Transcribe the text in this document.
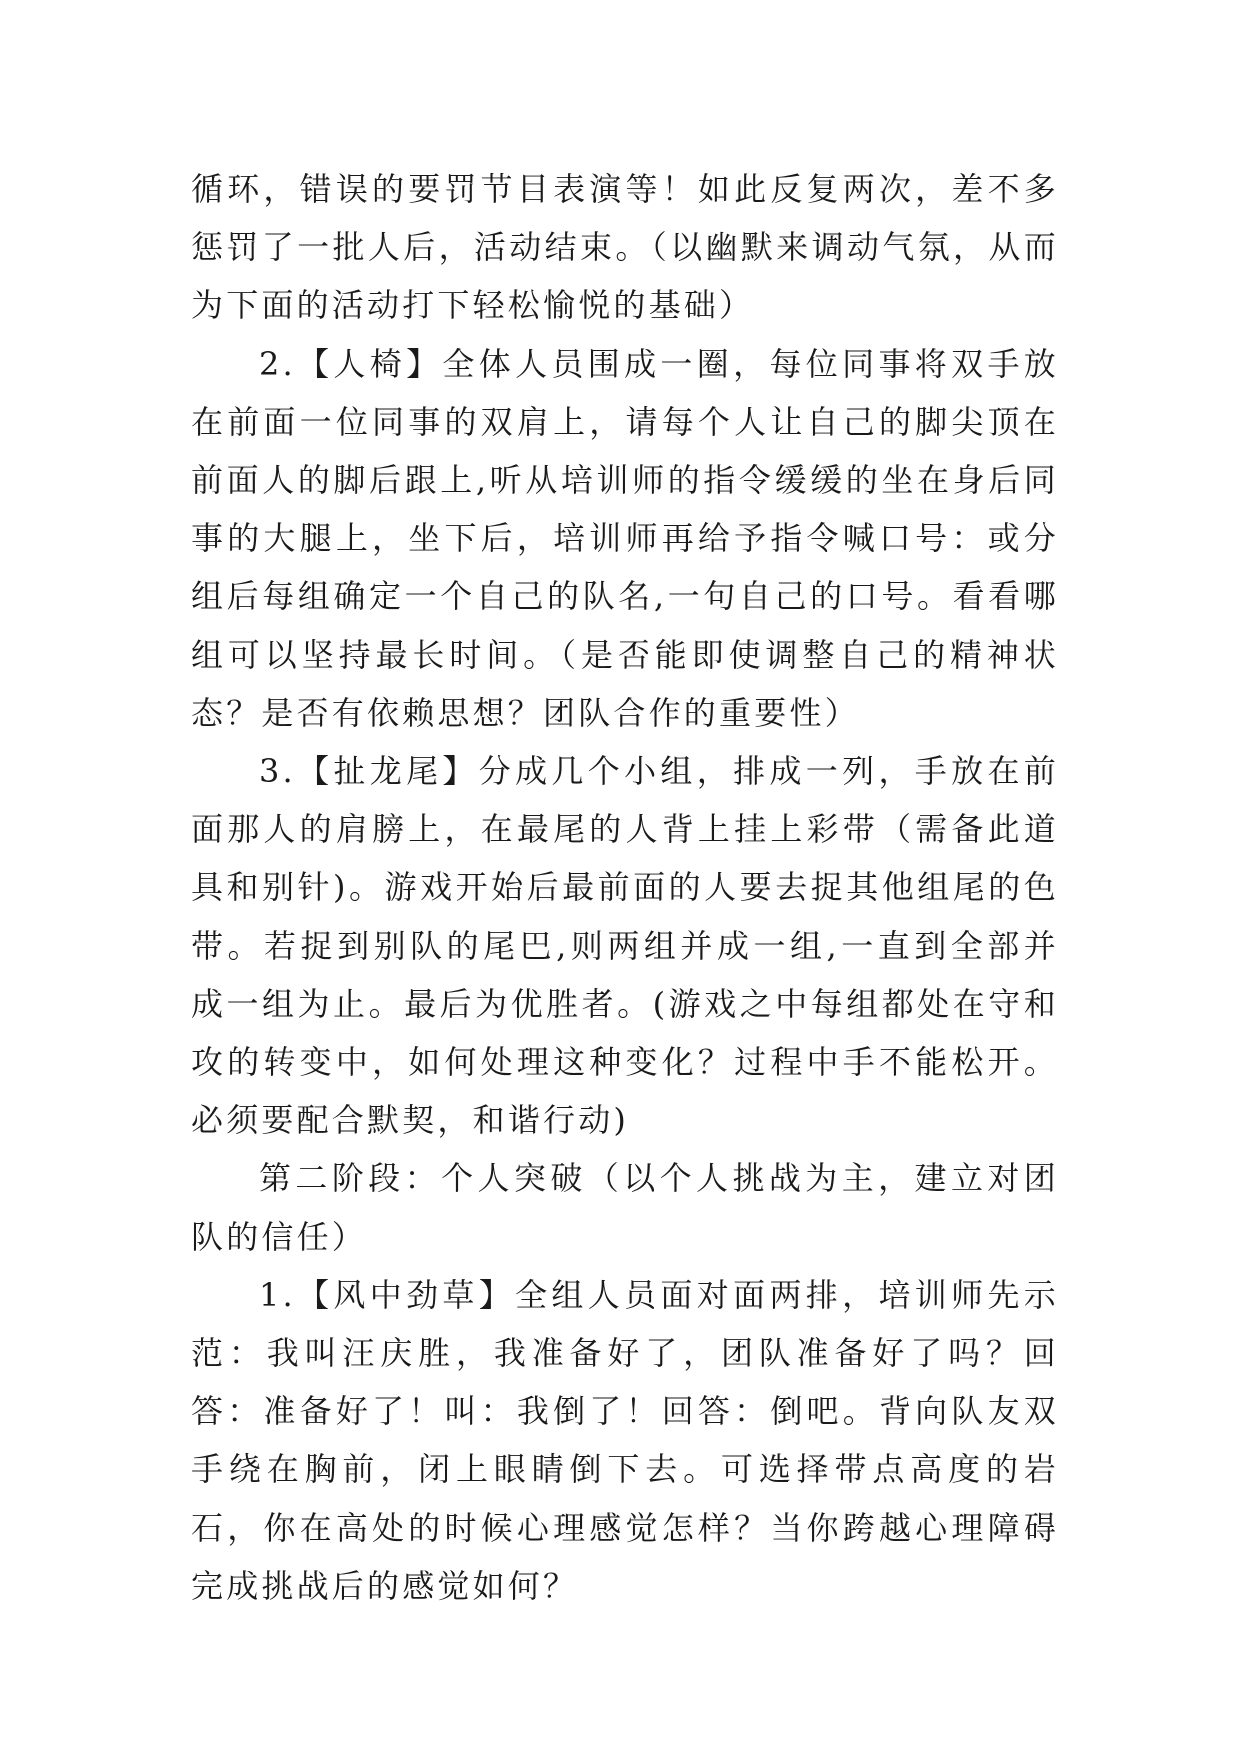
循环，错误的要罚节目表演等！如此反复两次，差不多惩罚了一批人后，活动结束。（以幽默来调动气氛，从而为下面的活动打下轻松愉悦的基础）

2.【人椅】全体人员围成一圈，每位同事将双手放在前面一位同事的双肩上，请每个人让自己的脚尖顶在前面人的脚后跟上,听从培训师的指令缓缓的坐在身后同事的大腿上，坐下后，培训师再给予指令喊口号：或分组后每组确定一个自己的队名,一句自己的口号。看看哪组可以坚持最长时间。（是否能即使调整自己的精神状态？是否有依赖思想？团队合作的重要性）

3.【扯龙尾】分成几个小组，排成一列，手放在前面那人的肩膀上，在最尾的人背上挂上彩带（需备此道具和别针)。游戏开始后最前面的人要去捉其他组尾的色带。若捉到别队的尾巴,则两组并成一组,一直到全部并成一组为止。最后为优胜者。(游戏之中每组都处在守和攻的转变中，如何处理这种变化？过程中手不能松开。必须要配合默契，和谐行动)

第二阶段：个人突破（以个人挑战为主，建立对团队的信任）

1.【风中劲草】全组人员面对面两排，培训师先示范：我叫汪庆胜，我准备好了，团队准备好了吗？回答：准备好了！叫：我倒了！回答：倒吧。背向队友双手绕在胸前，闭上眼睛倒下去。可选择带点高度的岩石，你在高处的时候心理感觉怎样？当你跨越心理障碍完成挑战后的感觉如何？
